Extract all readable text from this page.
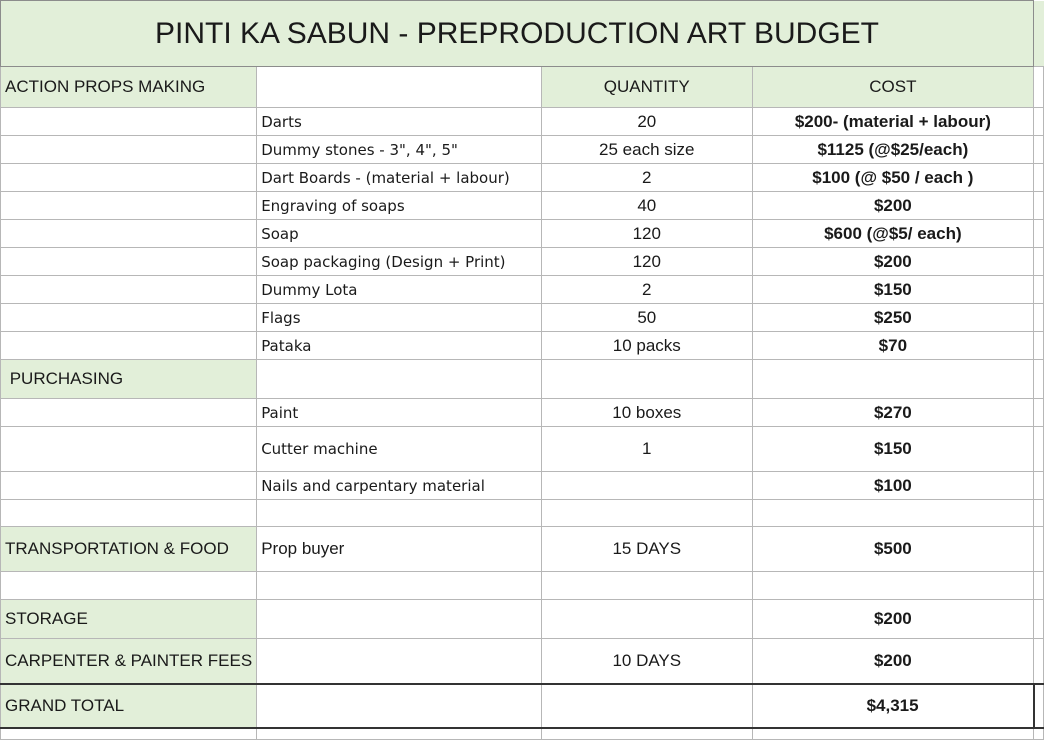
PINTI KA SABUN - PREPRODUCTION ART BUDGET				
ACTION PROPS MAKING		QUANTITY	COST	
	Darts	20	$200- (material + labour)	
	Dummy stones - 3", 4", 5"	25 each size	$1125 (@$25/each)	
	Dart Boards - (material + labour)	2	$100 (@ $50 / each )	
	Engraving of soaps	40	$200	
	Soap	120	$600 (@$5/ each)	
	Soap packaging (Design + Print)	120	$200	
	Dummy Lota	2	$150	
	Flags	50	$250	
	Pataka	10 packs	$70	
PURCHASING				
	Paint	10 boxes	$270	
	Cutter machine	1	$150	
	Nails and carpentary material		$100	

TRANSPORTATION & FOOD	Prop buyer	15 DAYS	$500	

STORAGE			$200	
CARPENTER & PAINTER FEES		10 DAYS	$200	
GRAND TOTAL			$4,315	
